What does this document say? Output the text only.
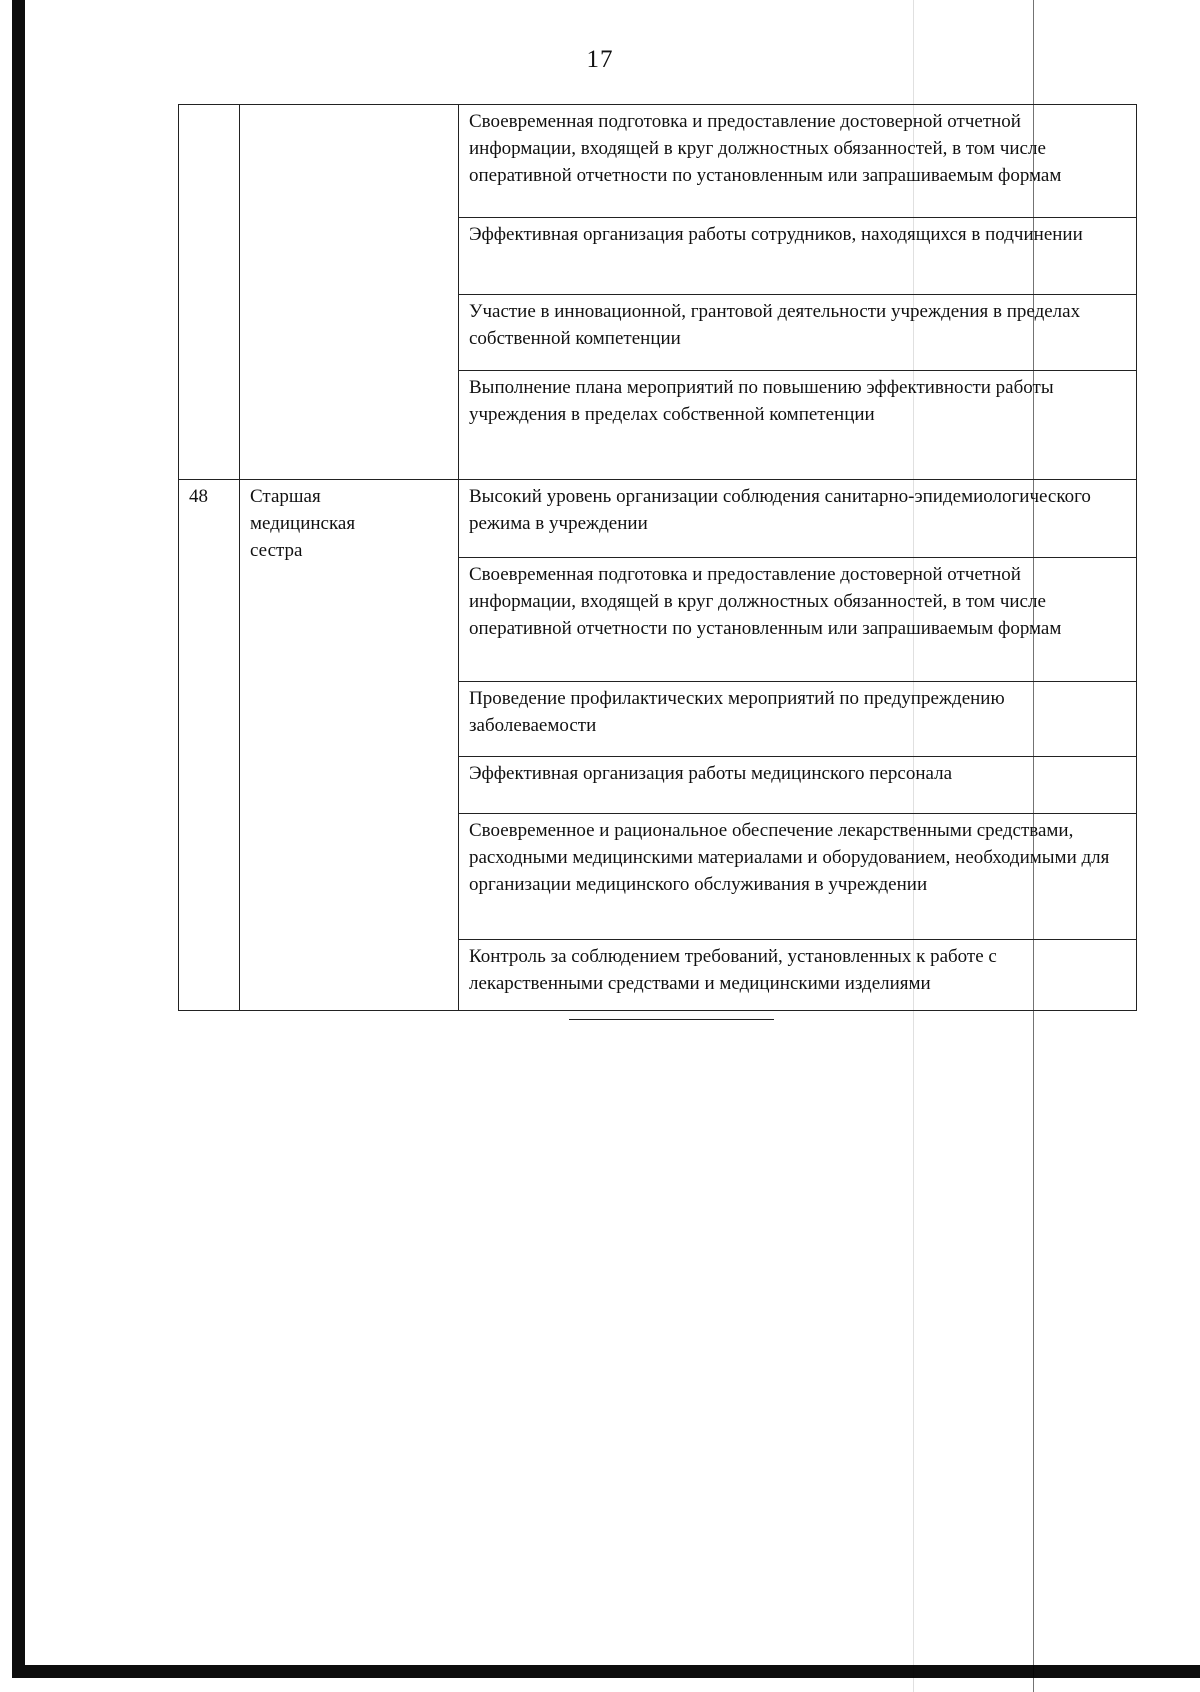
17
		Своевременная подготовка и предоставление достоверной отчетной информации, входящей в круг должностных обязанностей, в том числе оперативной отчетности по установленным или запрашиваемым формам
		Эффективная организация работы сотрудников, находящихся в подчинении
		Участие в инновационной, грантовой деятельности учреждения в пределах собственной компетенции
		Выполнение плана мероприятий по повышению эффективности работы учреждения в пределах собственной компетенции
48	Старшая медицинская сестра	Высокий уровень организации соблюдения санитарно-эпидемиологического режима в учреждении
		Своевременная подготовка и предоставление достоверной отчетной информации, входящей в круг должностных обязанностей, в том числе оперативной отчетности по установленным или запрашиваемым формам
		Проведение профилактических мероприятий по предупреждению заболеваемости
		Эффективная организация работы медицинского персонала
		Своевременное и рациональное обеспечение лекарственными средствами, расходными медицинскими материалами и оборудованием, необходимыми для организации медицинского обслуживания в учреждении
		Контроль за соблюдением требований, установленных к работе с лекарственными средствами и медицинскими изделиями
